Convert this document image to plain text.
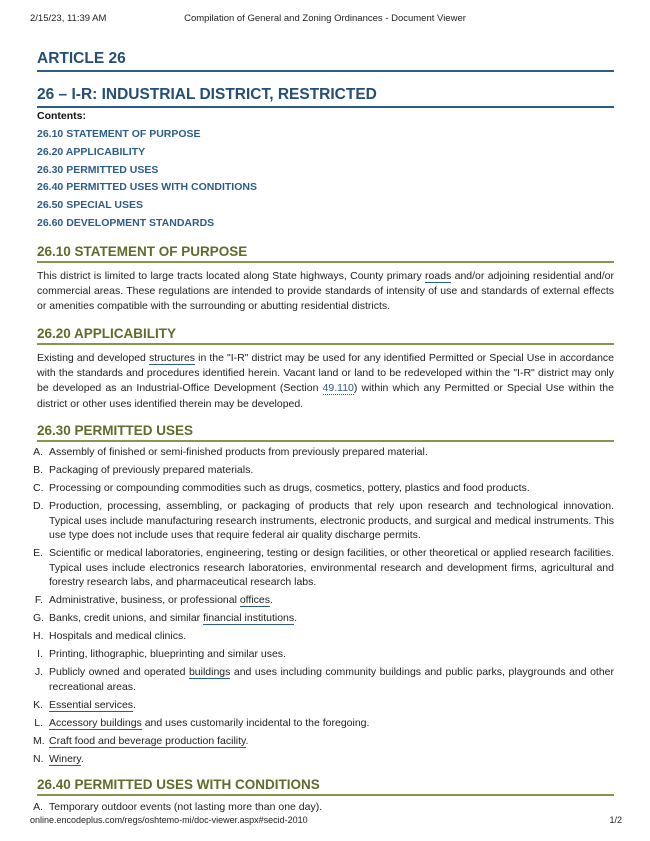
2/15/23, 11:39 AM	Compilation of General and Zoning Ordinances - Document Viewer
ARTICLE 26
26 – I-R: INDUSTRIAL DISTRICT, RESTRICTED
Contents:
26.10 STATEMENT OF PURPOSE
26.20 APPLICABILITY
26.30 PERMITTED USES
26.40 PERMITTED USES WITH CONDITIONS
26.50 SPECIAL USES
26.60 DEVELOPMENT STANDARDS
26.10 STATEMENT OF PURPOSE

This district is limited to large tracts located along State highways, County primary roads and/or adjoining residential and/or commercial areas. These regulations are intended to provide standards of intensity of use and standards of external effects or amenities compatible with the surrounding or abutting residential districts.

26.20 APPLICABILITY

Existing and developed structures in the "I-R" district may be used for any identified Permitted or Special Use in accordance with the standards and procedures identified herein. Vacant land or land to be redeveloped within the "I-R" district may only be developed as an Industrial-Office Development (Section 49.110) within which any Permitted or Special Use within the district or other uses identified therein may be developed.

26.30 PERMITTED USES
A. Assembly of finished or semi-finished products from previously prepared material.
B. Packaging of previously prepared materials.
C. Processing or compounding commodities such as drugs, cosmetics, pottery, plastics and food products.
D. Production, processing, assembling, or packaging of products that rely upon research and technological innovation. Typical uses include manufacturing research instruments, electronic products, and surgical and medical instruments. This use type does not include uses that require federal air quality discharge permits.
E. Scientific or medical laboratories, engineering, testing or design facilities, or other theoretical or applied research facilities. Typical uses include electronics research laboratories, environmental research and development firms, agricultural and forestry research labs, and pharmaceutical research labs.
F. Administrative, business, or professional offices.
G. Banks, credit unions, and similar financial institutions.
H. Hospitals and medical clinics.
I. Printing, lithographic, blueprinting and similar uses.
J. Publicly owned and operated buildings and uses including community buildings and public parks, playgrounds and other recreational areas.
K. Essential services.
L. Accessory buildings and uses customarily incidental to the foregoing.
M. Craft food and beverage production facility.
N. Winery.
26.40 PERMITTED USES WITH CONDITIONS
A. Temporary outdoor events (not lasting more than one day).
online.encodeplus.com/regs/oshtemo-mi/doc-viewer.aspx#secid-2010	1/2
